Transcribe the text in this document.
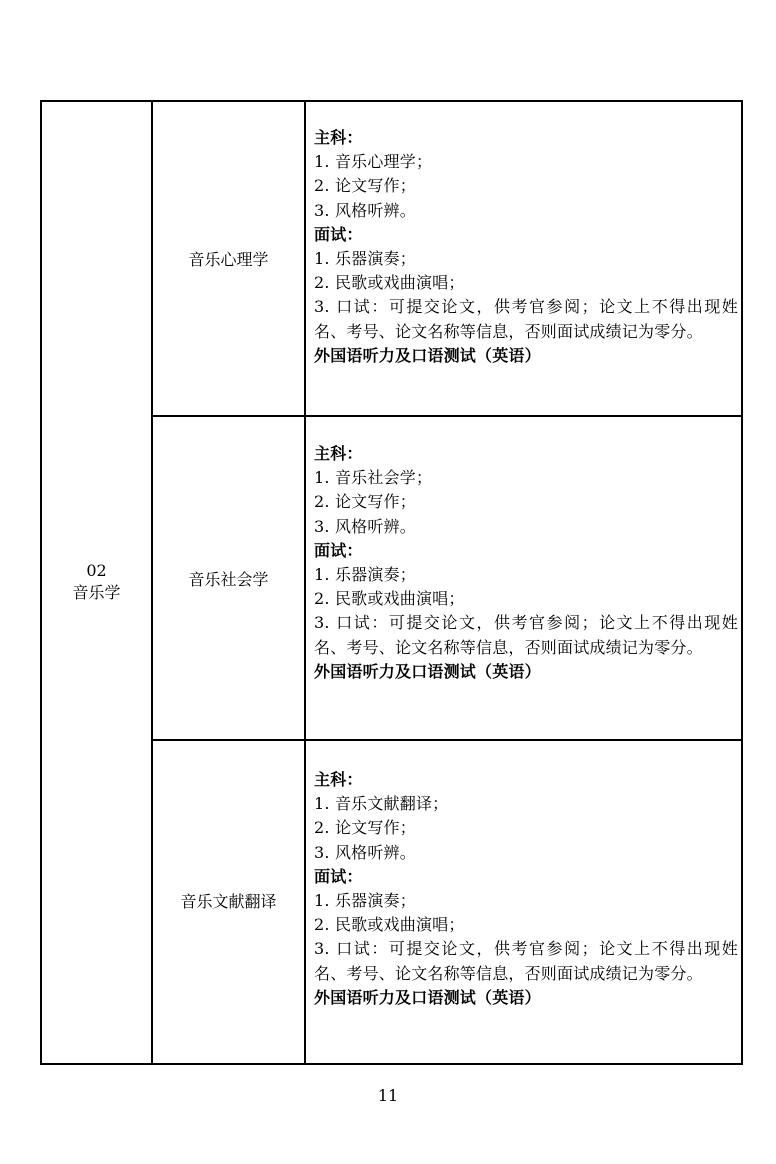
02
音乐学
音乐心理学
主科：
1. 音乐心理学；
2. 论文写作；
3. 风格听辨。
面试：
1. 乐器演奏；
2. 民歌或戏曲演唱；
3. 口试：可提交论文，供考官参阅；论文上不得出现姓名、考号、论文名称等信息，否则面试成绩记为零分。
外国语听力及口语测试（英语）
音乐社会学
主科：
1. 音乐社会学；
2. 论文写作；
3. 风格听辨。
面试：
1. 乐器演奏；
2. 民歌或戏曲演唱；
3. 口试：可提交论文，供考官参阅；论文上不得出现姓名、考号、论文名称等信息，否则面试成绩记为零分。
外国语听力及口语测试（英语）
音乐文献翻译
主科：
1. 音乐文献翻译；
2. 论文写作；
3. 风格听辨。
面试：
1. 乐器演奏；
2. 民歌或戏曲演唱；
3. 口试：可提交论文，供考官参阅；论文上不得出现姓名、考号、论文名称等信息，否则面试成绩记为零分。
外国语听力及口语测试（英语）
11
